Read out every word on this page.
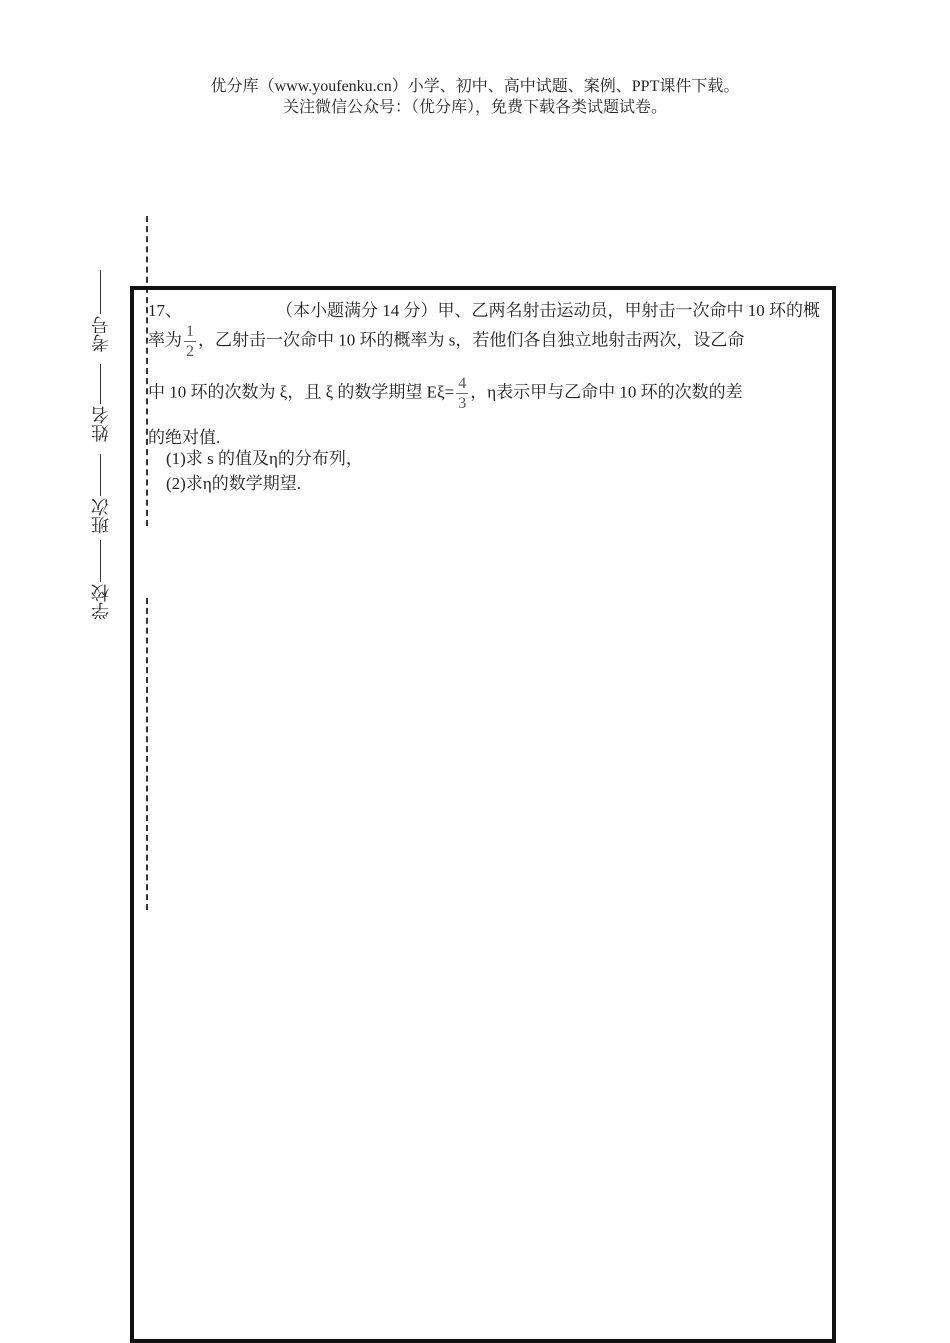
优分库（www.youfenku.cn）小学、初中、高中试题、案例、PPT课件下载。
关注微信公众号：（优分库），免费下载各类试题试卷。
考号
姓名
班次
学校
17、	（本小题满分 14 分）甲、乙两名射击运动员，甲射击一次命中 10 环的概
率为 $\frac{1}{2}$ ，乙射击一次命中 10 环的概率为 s，若他们各自独立地射击两次，设乙命
中 10 环的次数为 ξ，且 ξ 的数学期望 $E\xi= \frac{4}{3}$ ，η表示甲与乙命中 10 环的次数的差
的绝对值.
(1)求 s 的值及η的分布列，
(2)求η的数学期望.
